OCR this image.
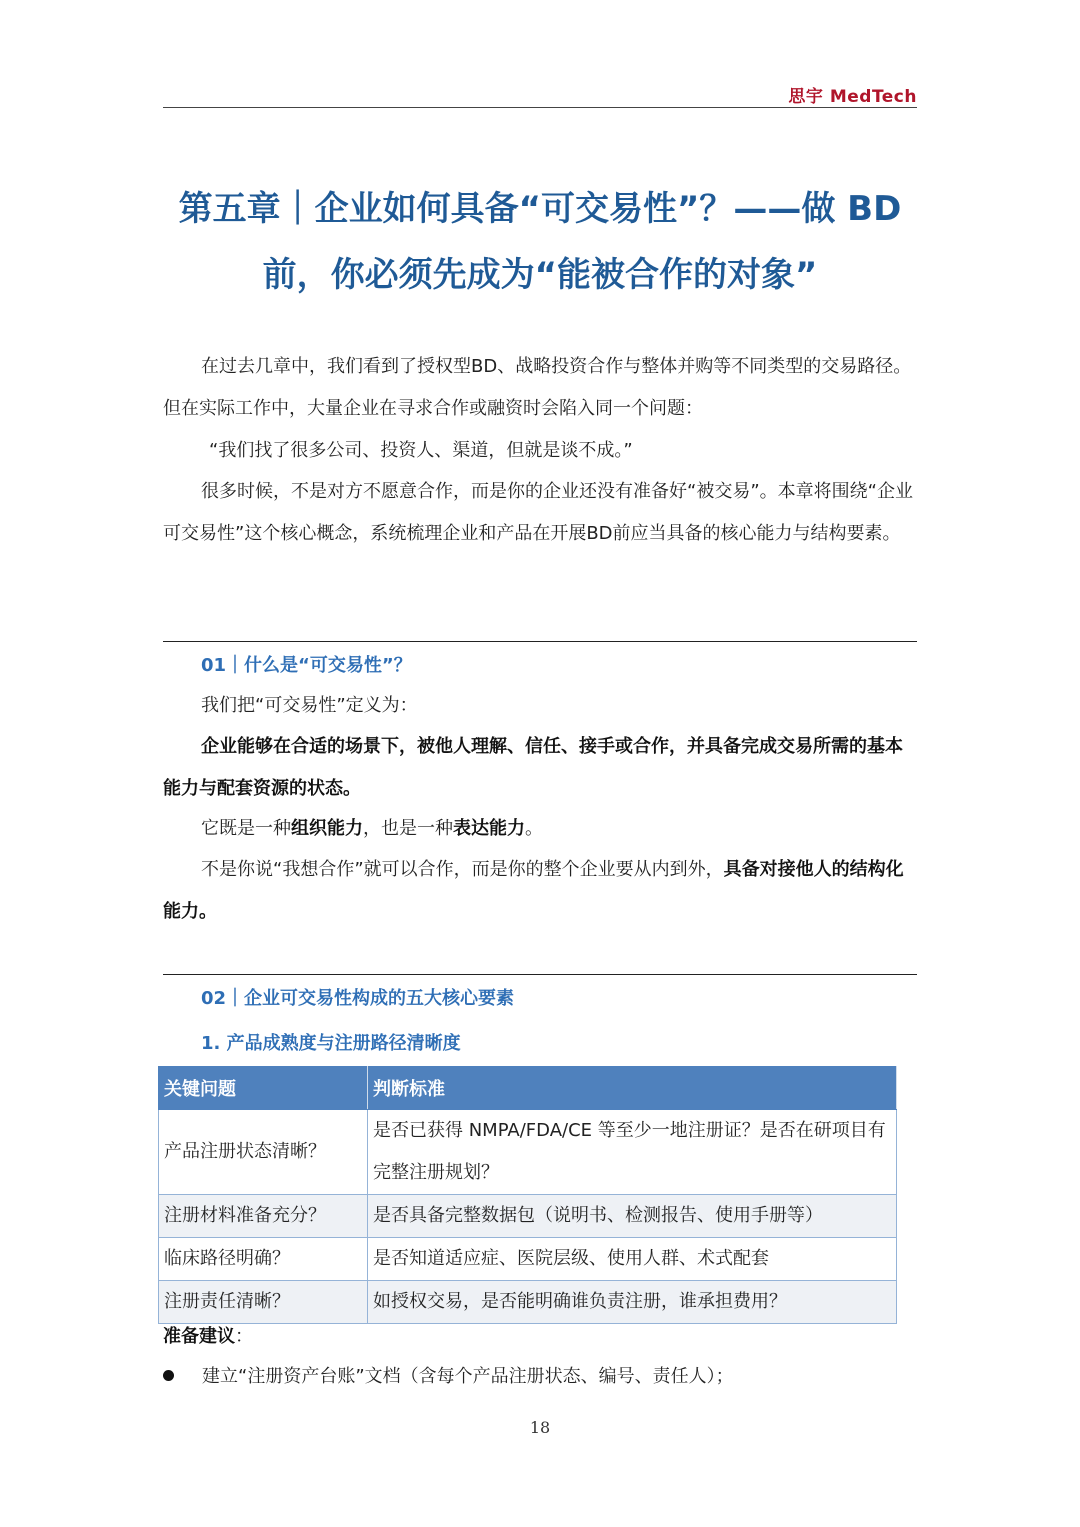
思宇 MedTech
第五章｜企业如何具备“可交易性”？——做 BD
前，你必须先成为“能被合作的对象”
在过去几章中，我们看到了授权型BD、战略投资合作与整体并购等不同类型的交易路径。但在实际工作中，大量企业在寻求合作或融资时会陷入同一个问题：
“我们找了很多公司、投资人、渠道，但就是谈不成。”
很多时候，不是对方不愿意合作，而是你的企业还没有准备好“被交易”。本章将围绕“企业可交易性”这个核心概念，系统梳理企业和产品在开展BD前应当具备的核心能力与结构要素。
01｜什么是“可交易性”？
我们把“可交易性”定义为：
企业能够在合适的场景下，被他人理解、信任、接手或合作，并具备完成交易所需的基本能力与配套资源的状态。
它既是一种组织能力，也是一种表达能力。
不是你说“我想合作”就可以合作，而是你的整个企业要从内到外，具备对接他人的结构化能力。
02｜企业可交易性构成的五大核心要素
1. 产品成熟度与注册路径清晰度
关键问题	判断标准
产品注册状态清晰？	是否已获得 NMPA/FDA/CE 等至少一地注册证？是否在研项目有完整注册规划？
注册材料准备充分？	是否具备完整数据包（说明书、检测报告、使用手册等）
临床路径明确？	是否知道适应症、医院层级、使用人群、术式配套
注册责任清晰？	如授权交易，是否能明确谁负责注册，谁承担费用？
准备建议：
建立“注册资产台账”文档（含每个产品注册状态、编号、责任人）；
18
